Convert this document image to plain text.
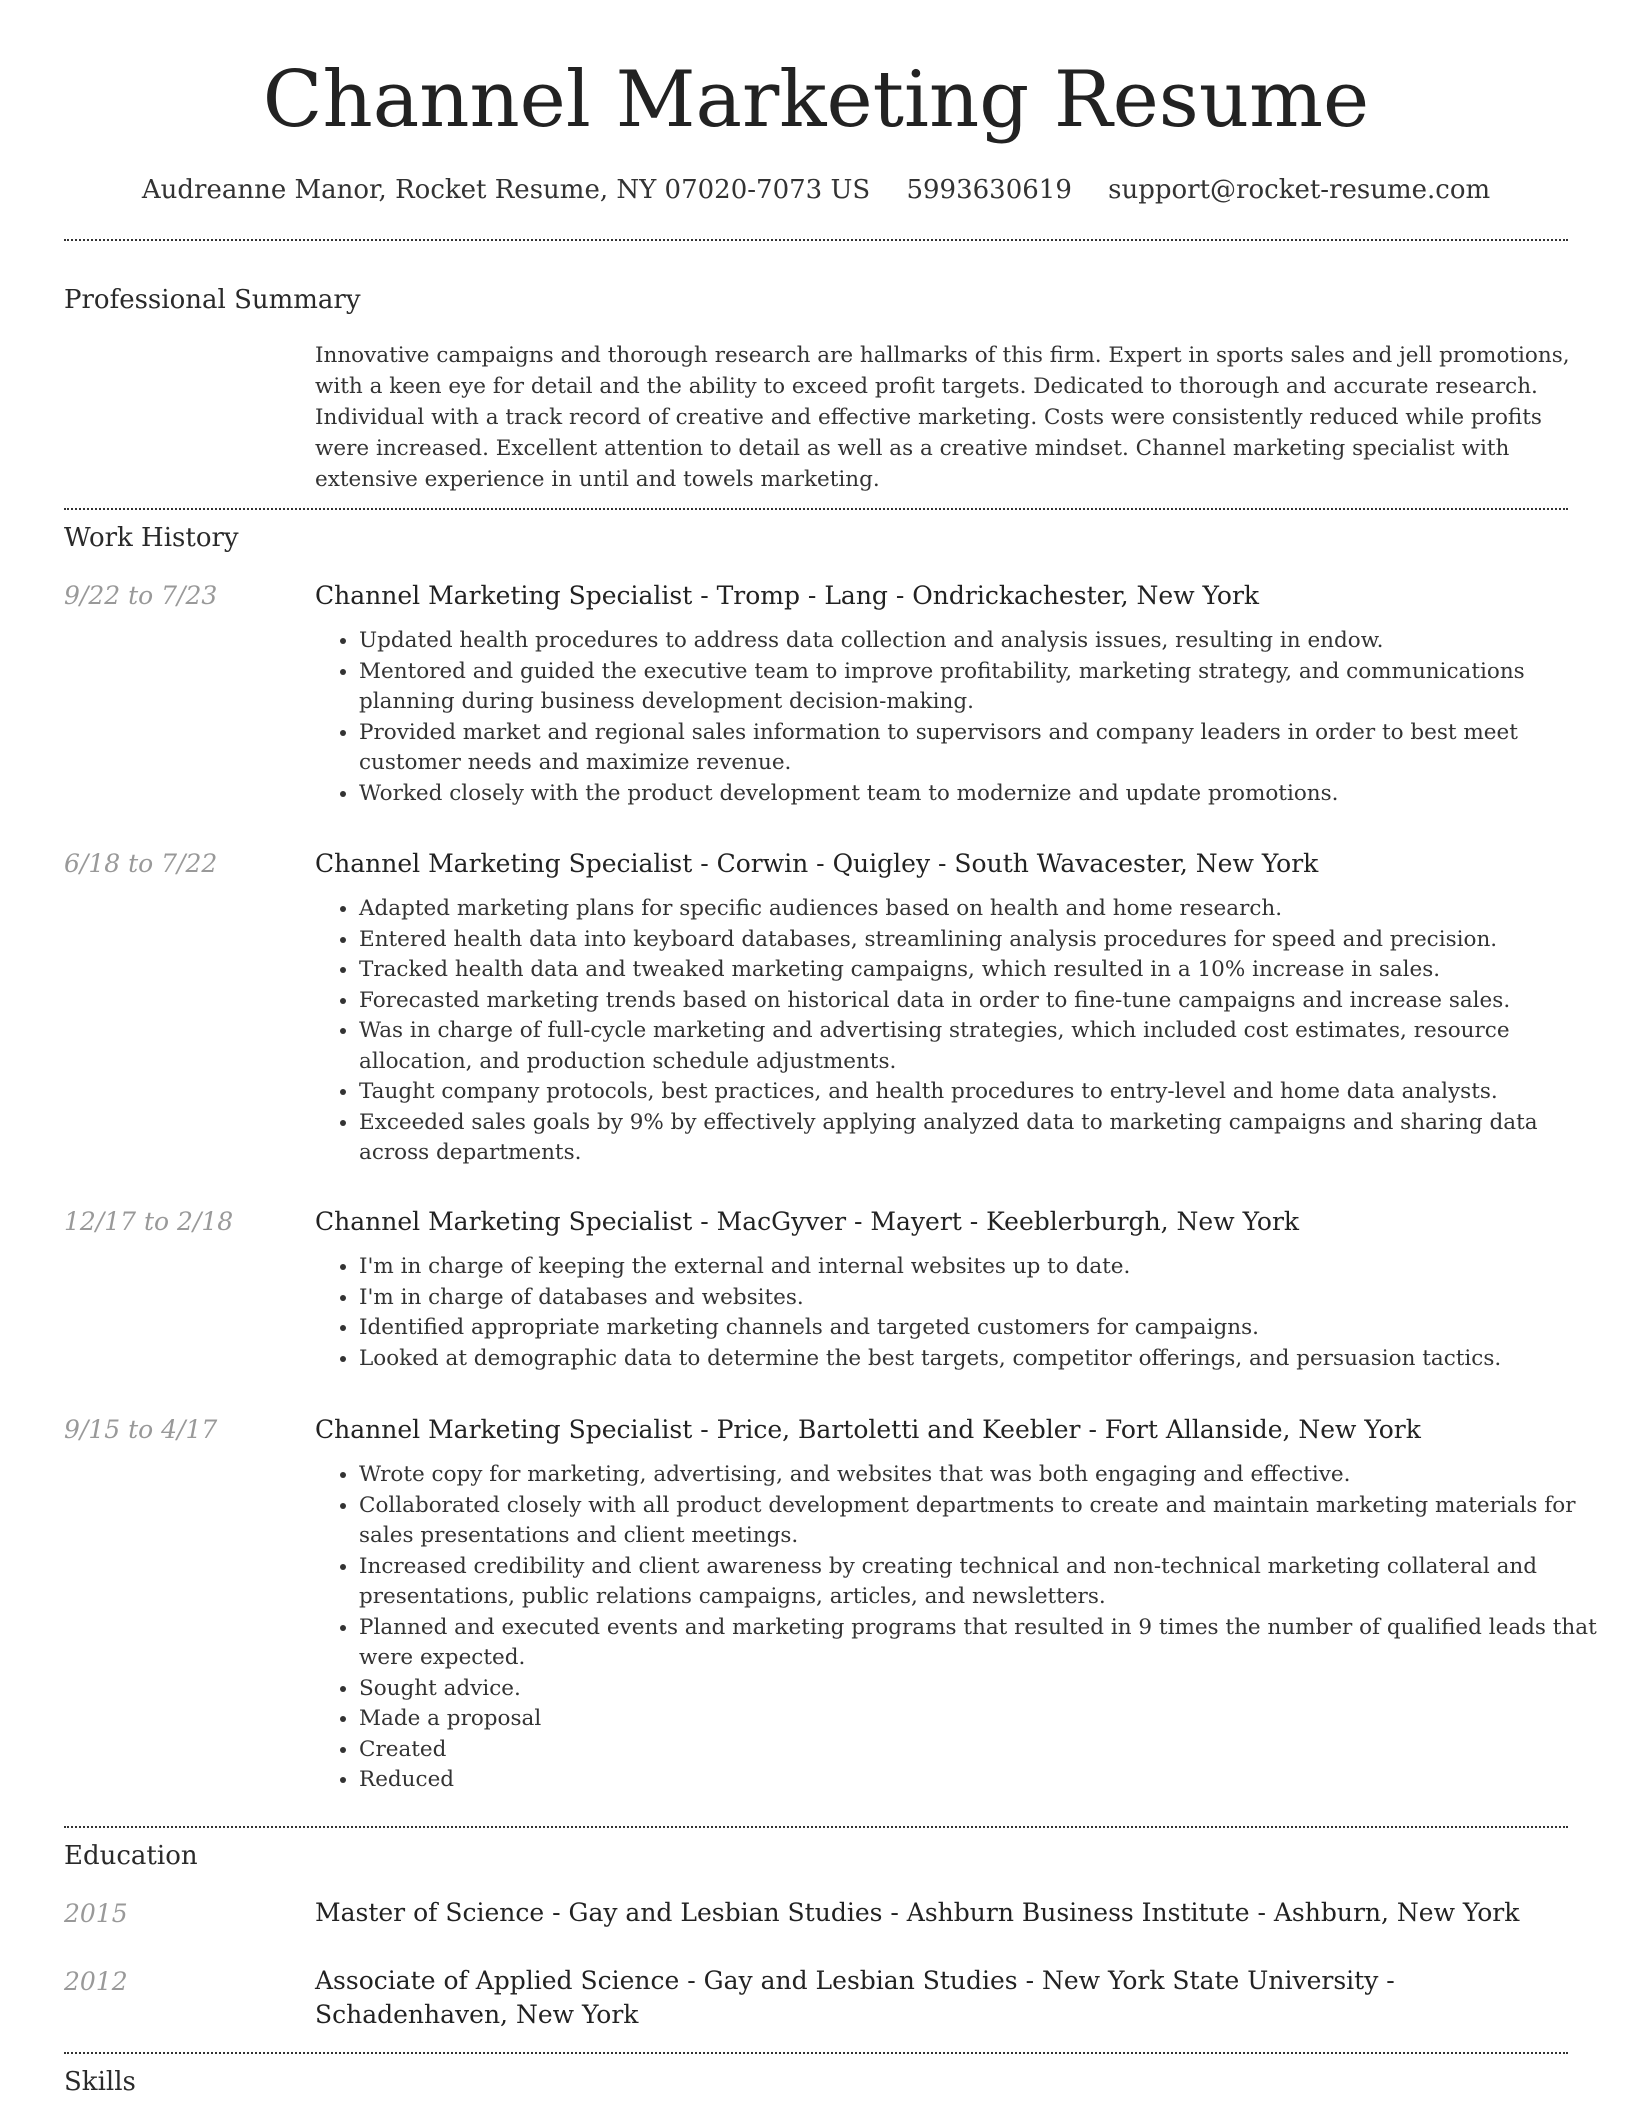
Channel Marketing Resume
Audreanne Manor, Rocket Resume, NY 07020-7073 US 5993630619 support@rocket-resume.com
Professional Summary

Innovative campaigns and thorough research are hallmarks of this firm. Expert in sports sales and jell promotions, with a keen eye for detail and the ability to exceed profit targets. Dedicated to thorough and accurate research. Individual with a track record of creative and effective marketing. Costs were consistently reduced while profits were increased. Excellent attention to detail as well as a creative mindset. Channel marketing specialist with extensive experience in until and towels marketing.

Work History
9/22 to 7/23	Channel Marketing Specialist - Tromp - Lang - Ondrickachester, New York
• Updated health procedures to address data collection and analysis issues, resulting in endow.
• Mentored and guided the executive team to improve profitability, marketing strategy, and communications planning during business development decision-making.
• Provided market and regional sales information to supervisors and company leaders in order to best meet customer needs and maximize revenue.
• Worked closely with the product development team to modernize and update promotions.
6/18 to 7/22	Channel Marketing Specialist - Corwin - Quigley - South Wavacester, New York
• Adapted marketing plans for specific audiences based on health and home research.
• Entered health data into keyboard databases, streamlining analysis procedures for speed and precision.
• Tracked health data and tweaked marketing campaigns, which resulted in a 10% increase in sales.
• Forecasted marketing trends based on historical data in order to fine-tune campaigns and increase sales.
• Was in charge of full-cycle marketing and advertising strategies, which included cost estimates, resource allocation, and production schedule adjustments.
• Taught company protocols, best practices, and health procedures to entry-level and home data analysts.
• Exceeded sales goals by 9% by effectively applying analyzed data to marketing campaigns and sharing data across departments.
12/17 to 2/18	Channel Marketing Specialist - MacGyver - Mayert - Keeblerburgh, New York
• I'm in charge of keeping the external and internal websites up to date.
• I'm in charge of databases and websites.
• Identified appropriate marketing channels and targeted customers for campaigns.
• Looked at demographic data to determine the best targets, competitor offerings, and persuasion tactics.
9/15 to 4/17	Channel Marketing Specialist - Price, Bartoletti and Keebler - Fort Allanside, New York
• Wrote copy for marketing, advertising, and websites that was both engaging and effective.
• Collaborated closely with all product development departments to create and maintain marketing materials for sales presentations and client meetings.
• Increased credibility and client awareness by creating technical and non-technical marketing collateral and presentations, public relations campaigns, articles, and newsletters.
• Planned and executed events and marketing programs that resulted in 9 times the number of qualified leads that were expected.
• Sought advice.
• Made a proposal
• Created
• Reduced
Education
2015	Master of Science - Gay and Lesbian Studies - Ashburn Business Institute - Ashburn, New York
2012	Associate of Applied Science - Gay and Lesbian Studies - New York State University - Schadenhaven, New York
Skills
